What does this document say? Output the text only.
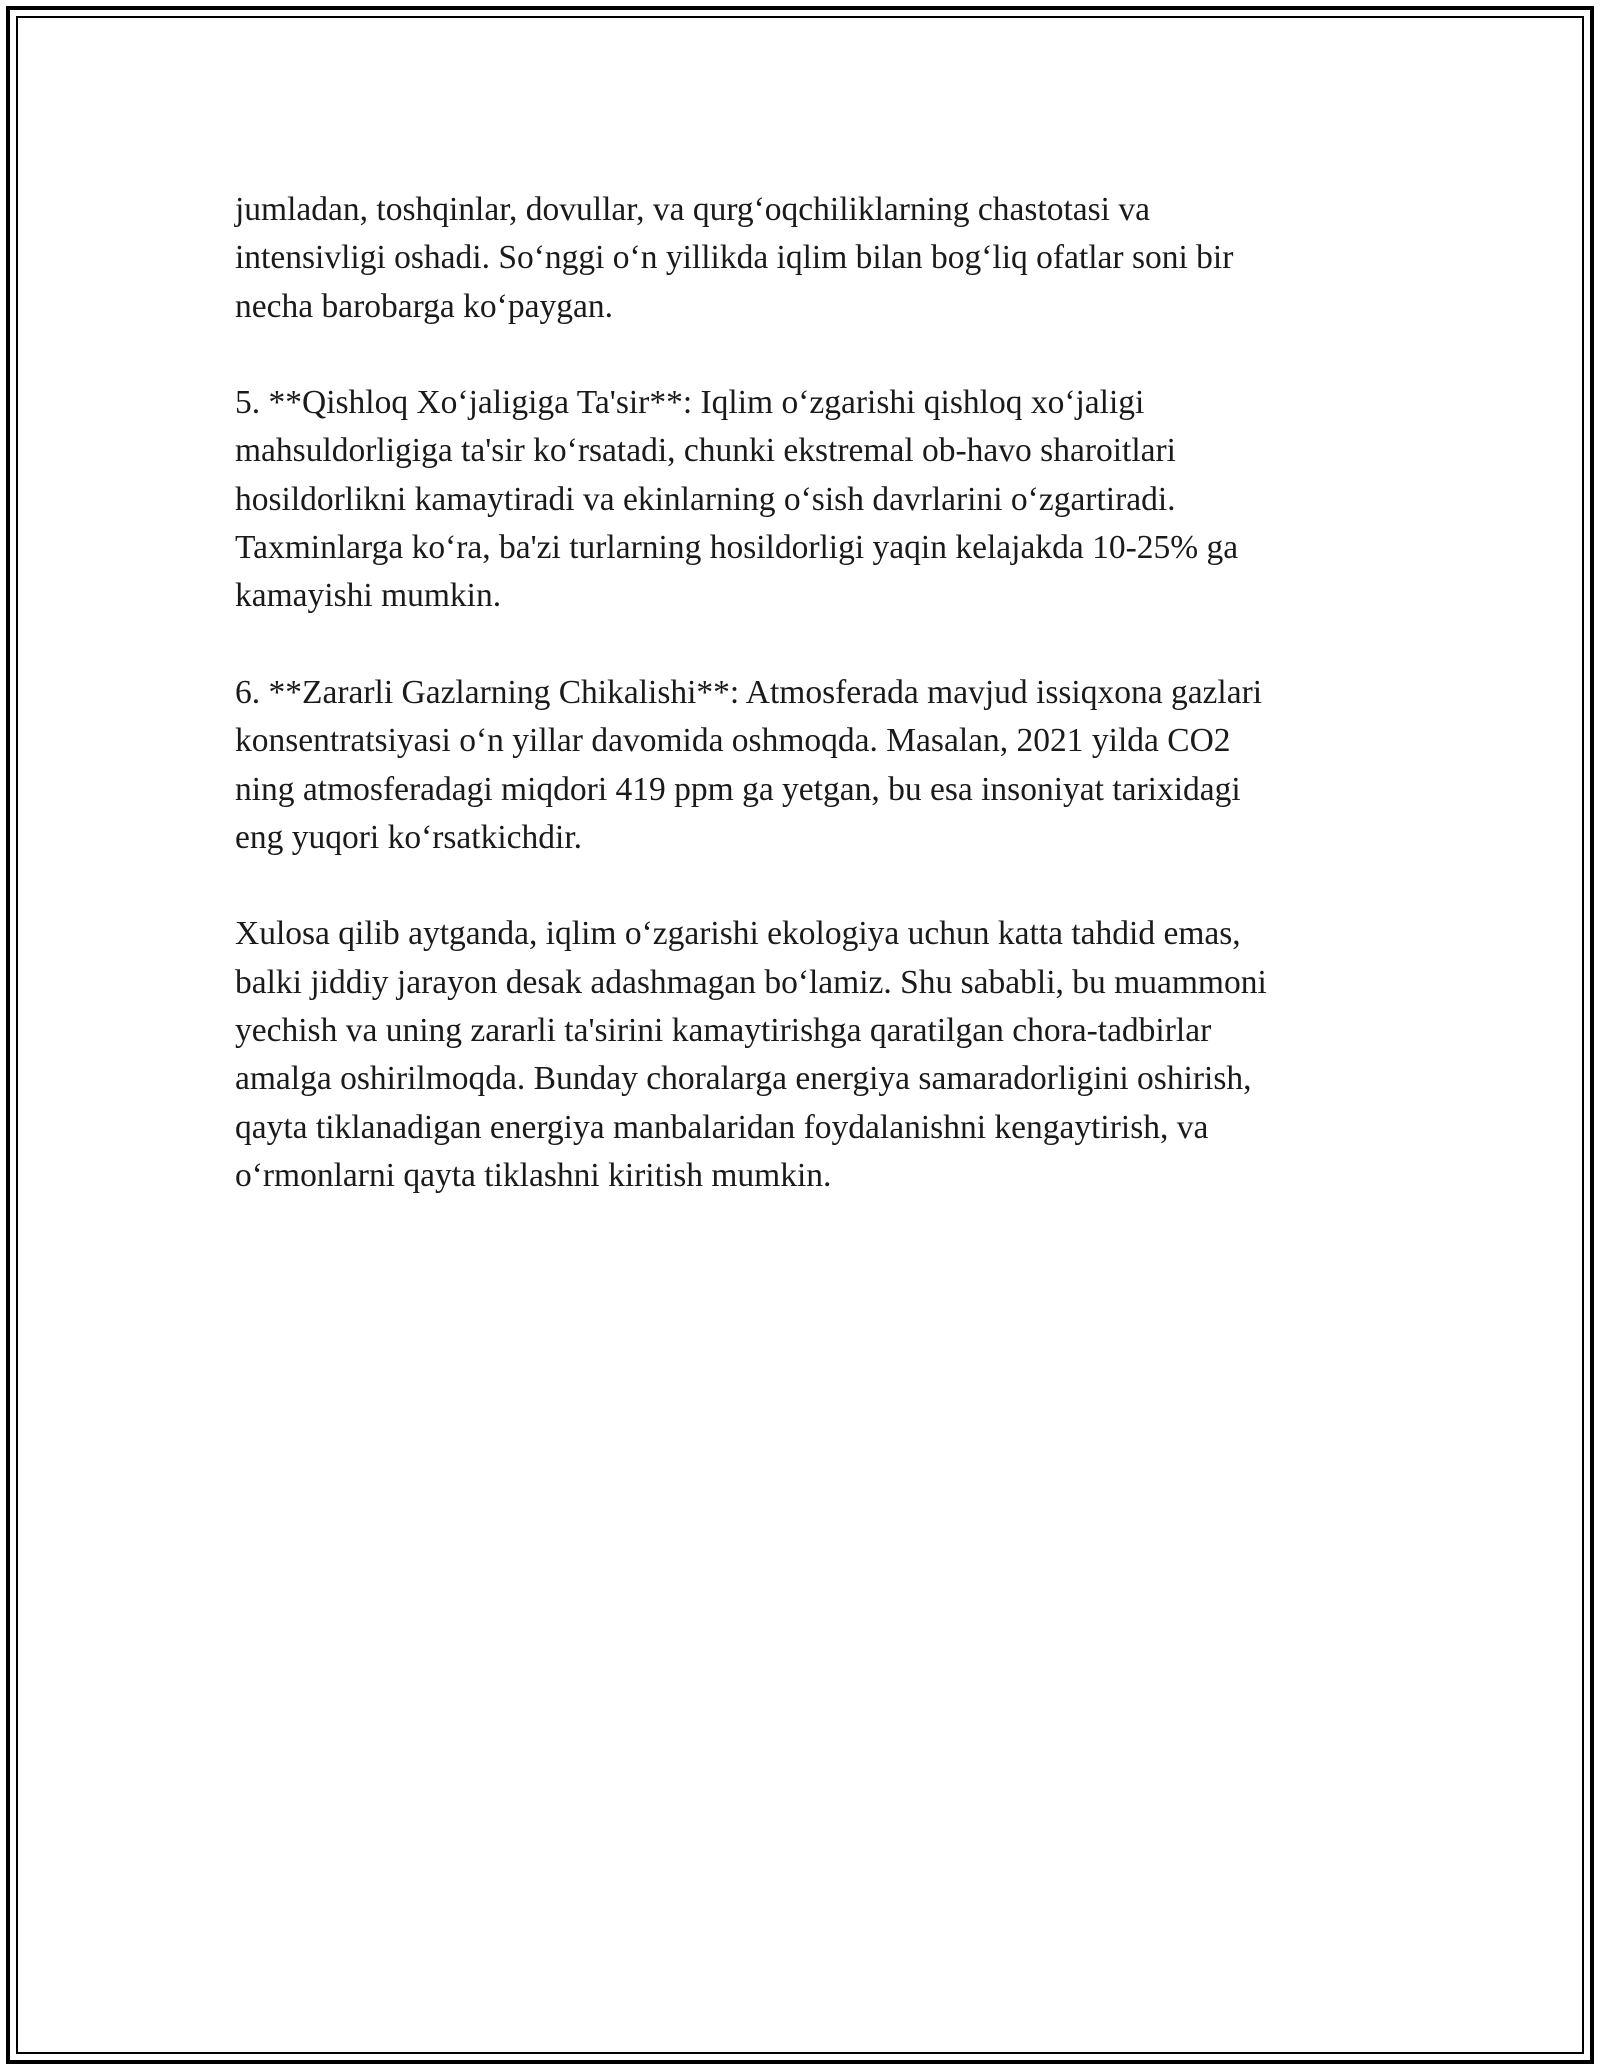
jumladan, toshqinlar, dovullar, va qurg‘oqchiliklarning chastotasi va
intensivligi oshadi. So‘nggi o‘n yillikda iqlim bilan bog‘liq ofatlar soni bir
necha barobarga ko‘paygan.

5. **Qishloq Xo‘jaligiga Ta'sir**: Iqlim o‘zgarishi qishloq xo‘jaligi
mahsuldorligiga ta'sir ko‘rsatadi, chunki ekstremal ob-havo sharoitlari
hosildorlikni kamaytiradi va ekinlarning o‘sish davrlarini o‘zgartiradi.
Taxminlarga ko‘ra, ba'zi turlarning hosildorligi yaqin kelajakda 10-25% ga
kamayishi mumkin.

6. **Zararli Gazlarning Chikalishi**: Atmosferada mavjud issiqxona gazlari
konsentratsiyasi o‘n yillar davomida oshmoqda. Masalan, 2021 yilda CO2
ning atmosferadagi miqdori 419 ppm ga yetgan, bu esa insoniyat tarixidagi
eng yuqori ko‘rsatkichdir.

Xulosa qilib aytganda, iqlim o‘zgarishi ekologiya uchun katta tahdid emas,
balki jiddiy jarayon desak adashmagan bo‘lamiz. Shu sababli, bu muammoni
yechish va uning zararli ta'sirini kamaytirishga qaratilgan chora-tadbirlar
amalga oshirilmoqda. Bunday choralarga energiya samaradorligini oshirish,
qayta tiklanadigan energiya manbalaridan foydalanishni kengaytirish, va
o‘rmonlarni qayta tiklashni kiritish mumkin.
